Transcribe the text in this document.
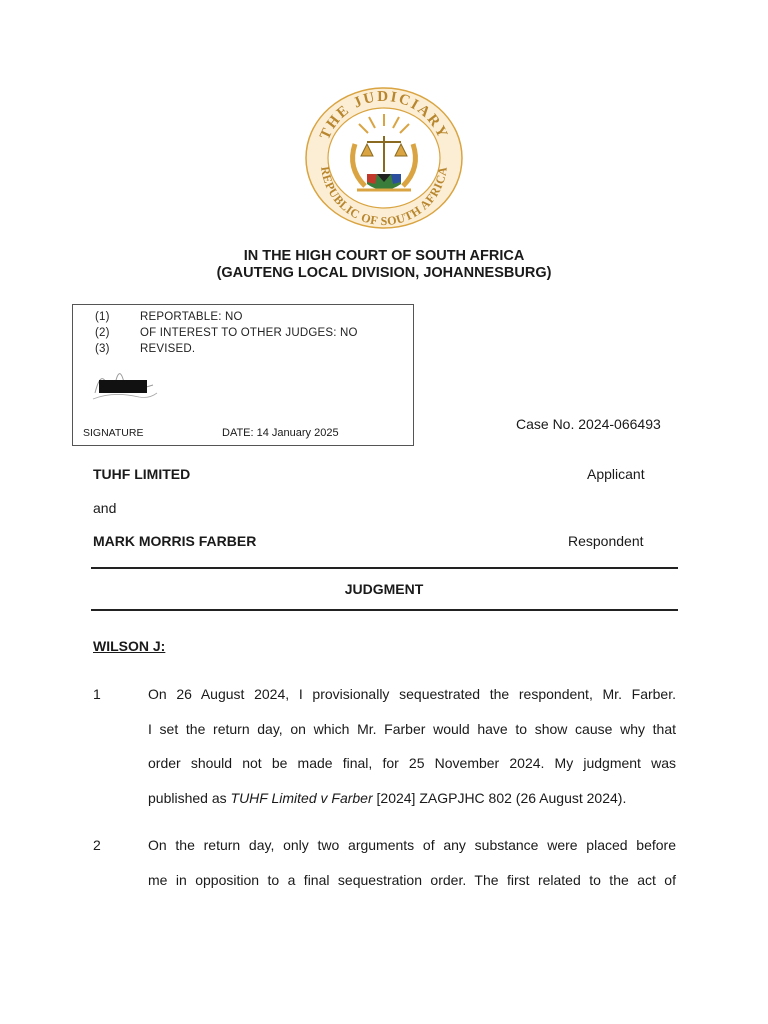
THE JUDICIARY
REPUBLIC OF SOUTH AFRICA
IN THE HIGH COURT OF SOUTH AFRICA
(GAUTENG LOCAL DIVISION, JOHANNESBURG)
(1)	REPORTABLE: NO
(2)	OF INTEREST TO OTHER JUDGES: NO
(3)	REVISED.
SIGNATURE	DATE: 14 January 2025
Case No. 2024-066493
TUHF LIMITED	Applicant
and
MARK MORRIS FARBER	Respondent
JUDGMENT
WILSON J:
1	On 26 August 2024, I provisionally sequestrated the respondent, Mr. Farber.
I set the return day, on which Mr. Farber would have to show cause why that
order should not be made final, for 25 November 2024. My judgment was
published as TUHF Limited v Farber [2024] ZAGPJHC 802 (26 August 2024).
2	On the return day, only two arguments of any substance were placed before
me in opposition to a final sequestration order. The first related to the act of
